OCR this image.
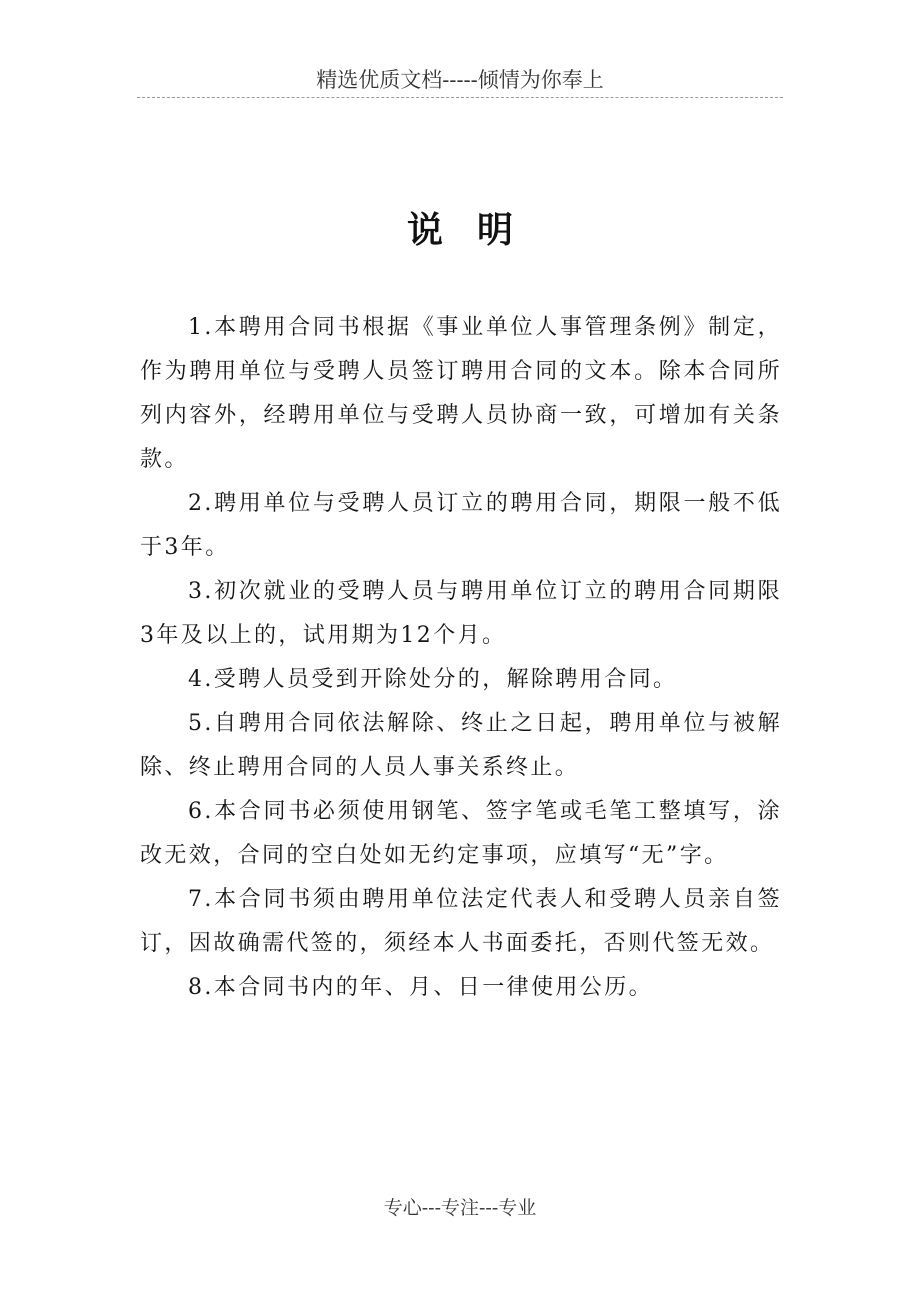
精选优质文档-----倾情为你奉上
说明

1.本聘用合同书根据《事业单位人事管理条例》制定，作为聘用单位与受聘人员签订聘用合同的文本。除本合同所列内容外，经聘用单位与受聘人员协商一致，可增加有关条款。

2.聘用单位与受聘人员订立的聘用合同，期限一般不低于3年。

3.初次就业的受聘人员与聘用单位订立的聘用合同期限3年及以上的，试用期为12个月。

4.受聘人员受到开除处分的，解除聘用合同。

5.自聘用合同依法解除、终止之日起，聘用单位与被解除、终止聘用合同的人员人事关系终止。

6.本合同书必须使用钢笔、签字笔或毛笔工整填写，涂改无效，合同的空白处如无约定事项，应填写“无”字。

7.本合同书须由聘用单位法定代表人和受聘人员亲自签订，因故确需代签的，须经本人书面委托，否则代签无效。

8.本合同书内的年、月、日一律使用公历。

专心---专注---专业
